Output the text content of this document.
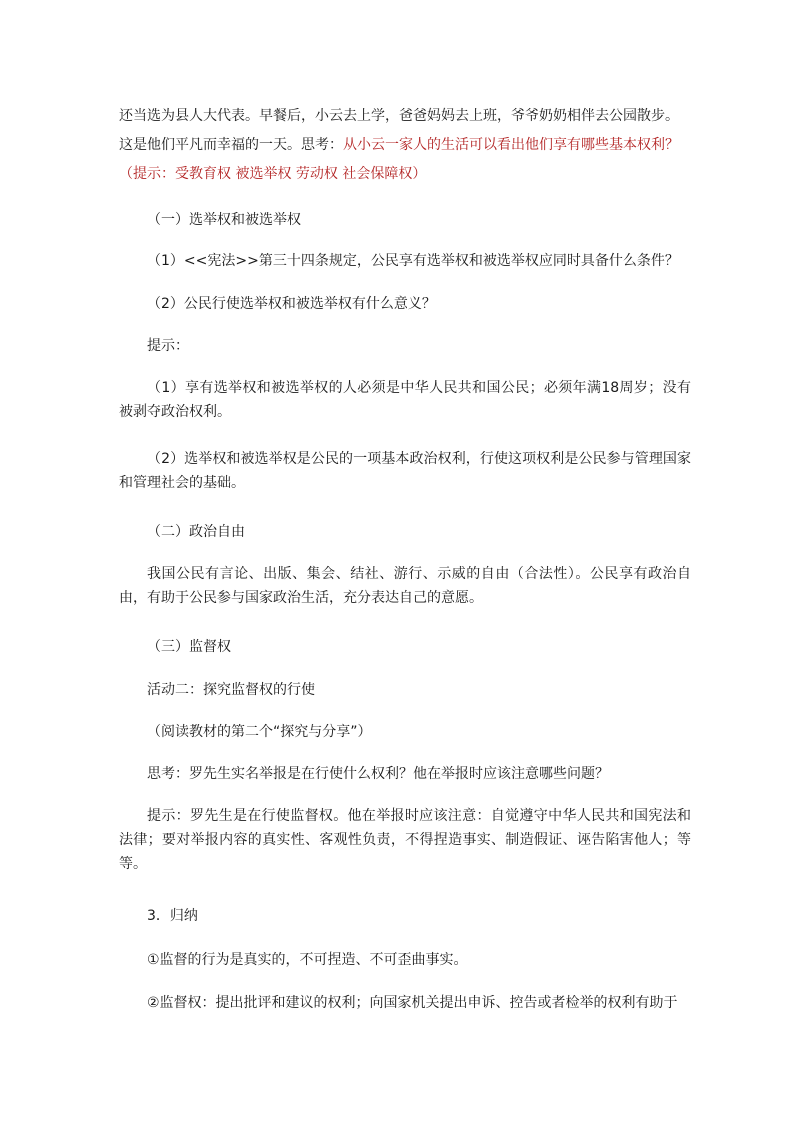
还当选为县人大代表。早餐后，小云去上学，爸爸妈妈去上班，爷爷奶奶相伴去公园散步。

这是他们平凡而幸福的一天。思考：从小云一家人的生活可以看出他们享有哪些基本权利？

（提示：受教育权 被选举权 劳动权 社会保障权）

（一）选举权和被选举权

（1）<<宪法>>第三十四条规定，公民享有选举权和被选举权应同时具备什么条件？

（2）公民行使选举权和被选举权有什么意义？

提示：

（1）享有选举权和被选举权的人必须是中华人民共和国公民；必须年满18周岁；没有被剥夺政治权利。

（2）选举权和被选举权是公民的一项基本政治权利，行使这项权利是公民参与管理国家和管理社会的基础。

（二）政治自由

我国公民有言论、出版、集会、结社、游行、示威的自由（合法性）。公民享有政治自由，有助于公民参与国家政治生活，充分表达自己的意愿。

（三）监督权

活动二：探究监督权的行使

（阅读教材的第二个“探究与分享”）

思考：罗先生实名举报是在行使什么权利？他在举报时应该注意哪些问题？

提示：罗先生是在行使监督权。他在举报时应该注意：自觉遵守中华人民共和国宪法和法律；要对举报内容的真实性、客观性负责，不得捏造事实、制造假证、诬告陷害他人；等等。

3．归纳

①监督的行为是真实的，不可捏造、不可歪曲事实。

②监督权：提出批评和建议的权利；向国家机关提出申诉、控告或者检举的权利有助于
